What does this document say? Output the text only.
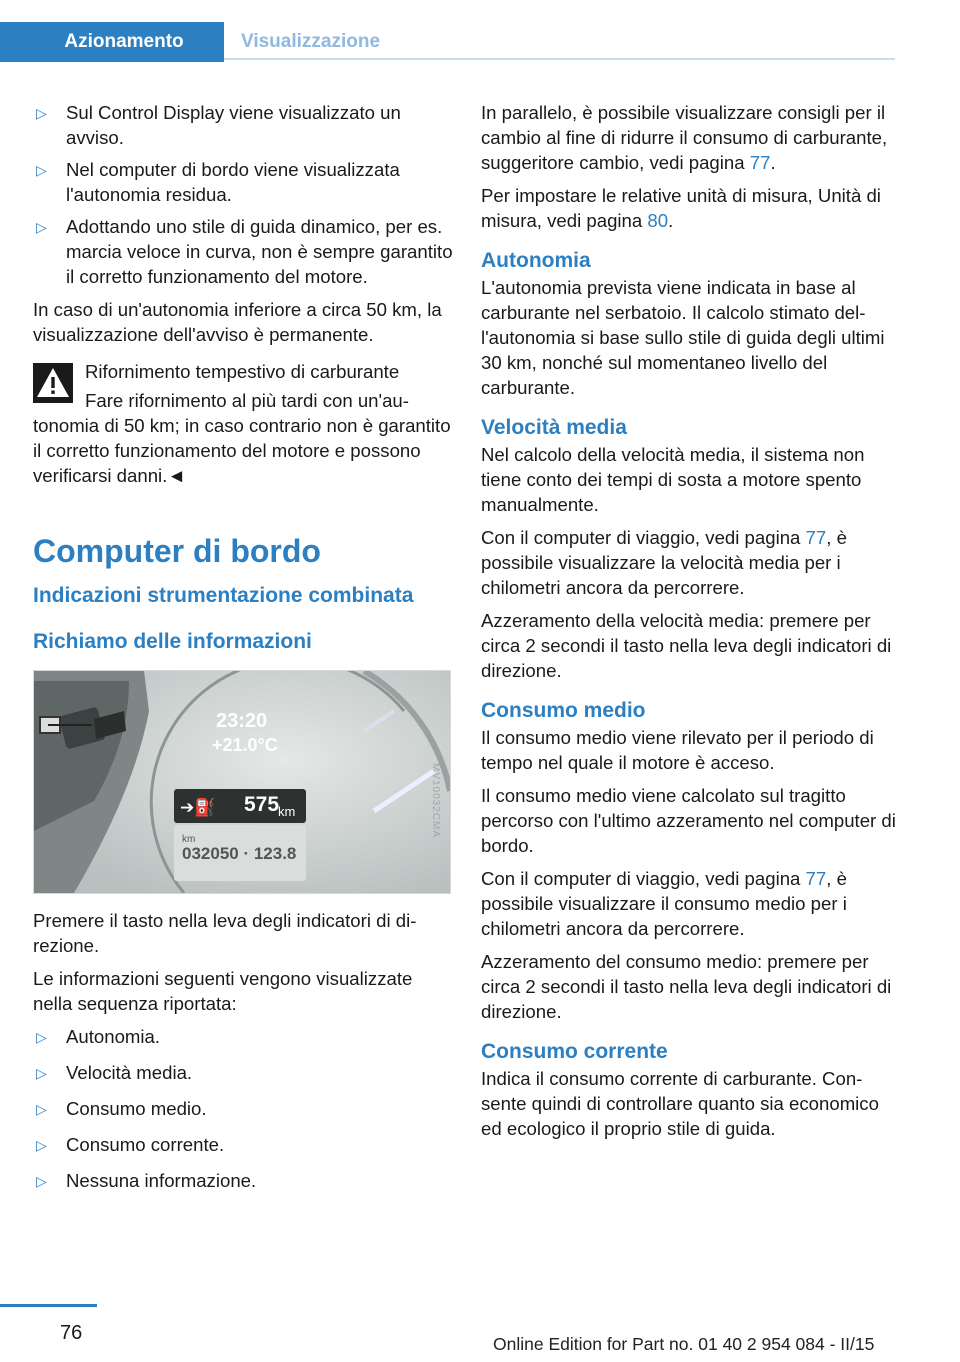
Azionamento	Visualizzazione
▷ Sul Control Display viene visualizzato un avviso.
▷ Nel computer di bordo viene visualizzata l'autonomia residua.
▷ Adottando uno stile di guida dinamico, per es. marcia veloce in curva, non è sempre garantito il corretto funzionamento del motore.

In caso di un'autonomia inferiore a circa 50 km, la visualizzazione dell'avviso è permanente.

Rifornimento tempestivo di carburante

Fare rifornimento al più tardi con un'autonomia di 50 km; in caso contrario non è garantito il corretto funzionamento del motore e possono verificarsi danni.◄

Computer di bordo
Indicazioni strumentazione combinata
Richiamo delle informazioni
23:20
+21.0°C
➔⛽ 575
km
km
032050 · 123.8
MV10032CMA

Premere il tasto nella leva degli indicatori di direzione.

Le informazioni seguenti vengono visualizzate nella sequenza riportata:

▷ Autonomia.
▷ Velocità media.
▷ Consumo medio.
▷ Consumo corrente.
▷ Nessuna informazione.

In parallelo, è possibile visualizzare consigli per il cambio al fine di ridurre il consumo di carburante, suggeritore cambio, vedi pagina 77.

Per impostare le relative unità di misura, Unità di misura, vedi pagina 80.

Autonomia

L'autonomia prevista viene indicata in base al carburante nel serbatoio. Il calcolo stimato dell'autonomia si base sullo stile di guida degli ultimi 30 km, nonché sul momentaneo livello del carburante.

Velocità media

Nel calcolo della velocità media, il sistema non tiene conto dei tempi di sosta a motore spento manualmente.

Con il computer di viaggio, vedi pagina 77, è possibile visualizzare la velocità media per i chilometri ancora da percorrere.

Azzeramento della velocità media: premere per circa 2 secondi il tasto nella leva degli indicatori di direzione.

Consumo medio

Il consumo medio viene rilevato per il periodo di tempo nel quale il motore è acceso.

Il consumo medio viene calcolato sul tragitto percorso con l'ultimo azzeramento nel computer di bordo.

Con il computer di viaggio, vedi pagina 77, è possibile visualizzare il consumo medio per i chilometri ancora da percorrere.

Azzeramento del consumo medio: premere per circa 2 secondi il tasto nella leva degli indicatori di direzione.

Consumo corrente

Indica il consumo corrente di carburante. Consente quindi di controllare quanto sia economico ed ecologico il proprio stile di guida.

76	Online Edition for Part no. 01 40 2 954 084 - II/15
